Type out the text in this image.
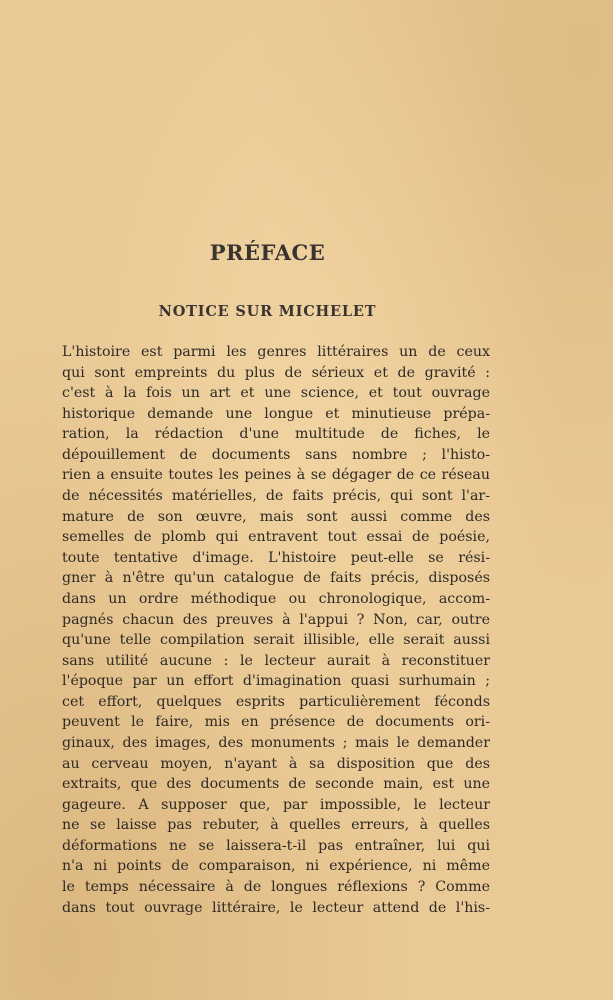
PRÉFACE
NOTICE SUR MICHELET
L'histoire est parmi les genres littéraires un de ceux
qui sont empreints du plus de sérieux et de gravité :
c'est à la fois un art et une science, et tout ouvrage
historique demande une longue et minutieuse prépa-
ration, la rédaction d'une multitude de fiches, le
dépouillement de documents sans nombre ; l'histo-
rien a ensuite toutes les peines à se dégager de ce réseau
de nécessités matérielles, de faits précis, qui sont l'ar-
mature de son œuvre, mais sont aussi comme des
semelles de plomb qui entravent tout essai de poésie,
toute tentative d'image. L'histoire peut-elle se rési-
gner à n'être qu'un catalogue de faits précis, disposés
dans un ordre méthodique ou chronologique, accom-
pagnés chacun des preuves à l'appui ? Non, car, outre
qu'une telle compilation serait illisible, elle serait aussi
sans utilité aucune : le lecteur aurait à reconstituer
l'époque par un effort d'imagination quasi surhumain ;
cet effort, quelques esprits particulièrement féconds
peuvent le faire, mis en présence de documents ori-
ginaux, des images, des monuments ; mais le demander
au cerveau moyen, n'ayant à sa disposition que des
extraits, que des documents de seconde main, est une
gageure. A supposer que, par impossible, le lecteur
ne se laisse pas rebuter, à quelles erreurs, à quelles
déformations ne se laissera-t-il pas entraîner, lui qui
n'a ni points de comparaison, ni expérience, ni même
le temps nécessaire à de longues réflexions ? Comme
dans tout ouvrage littéraire, le lecteur attend de l'his-
